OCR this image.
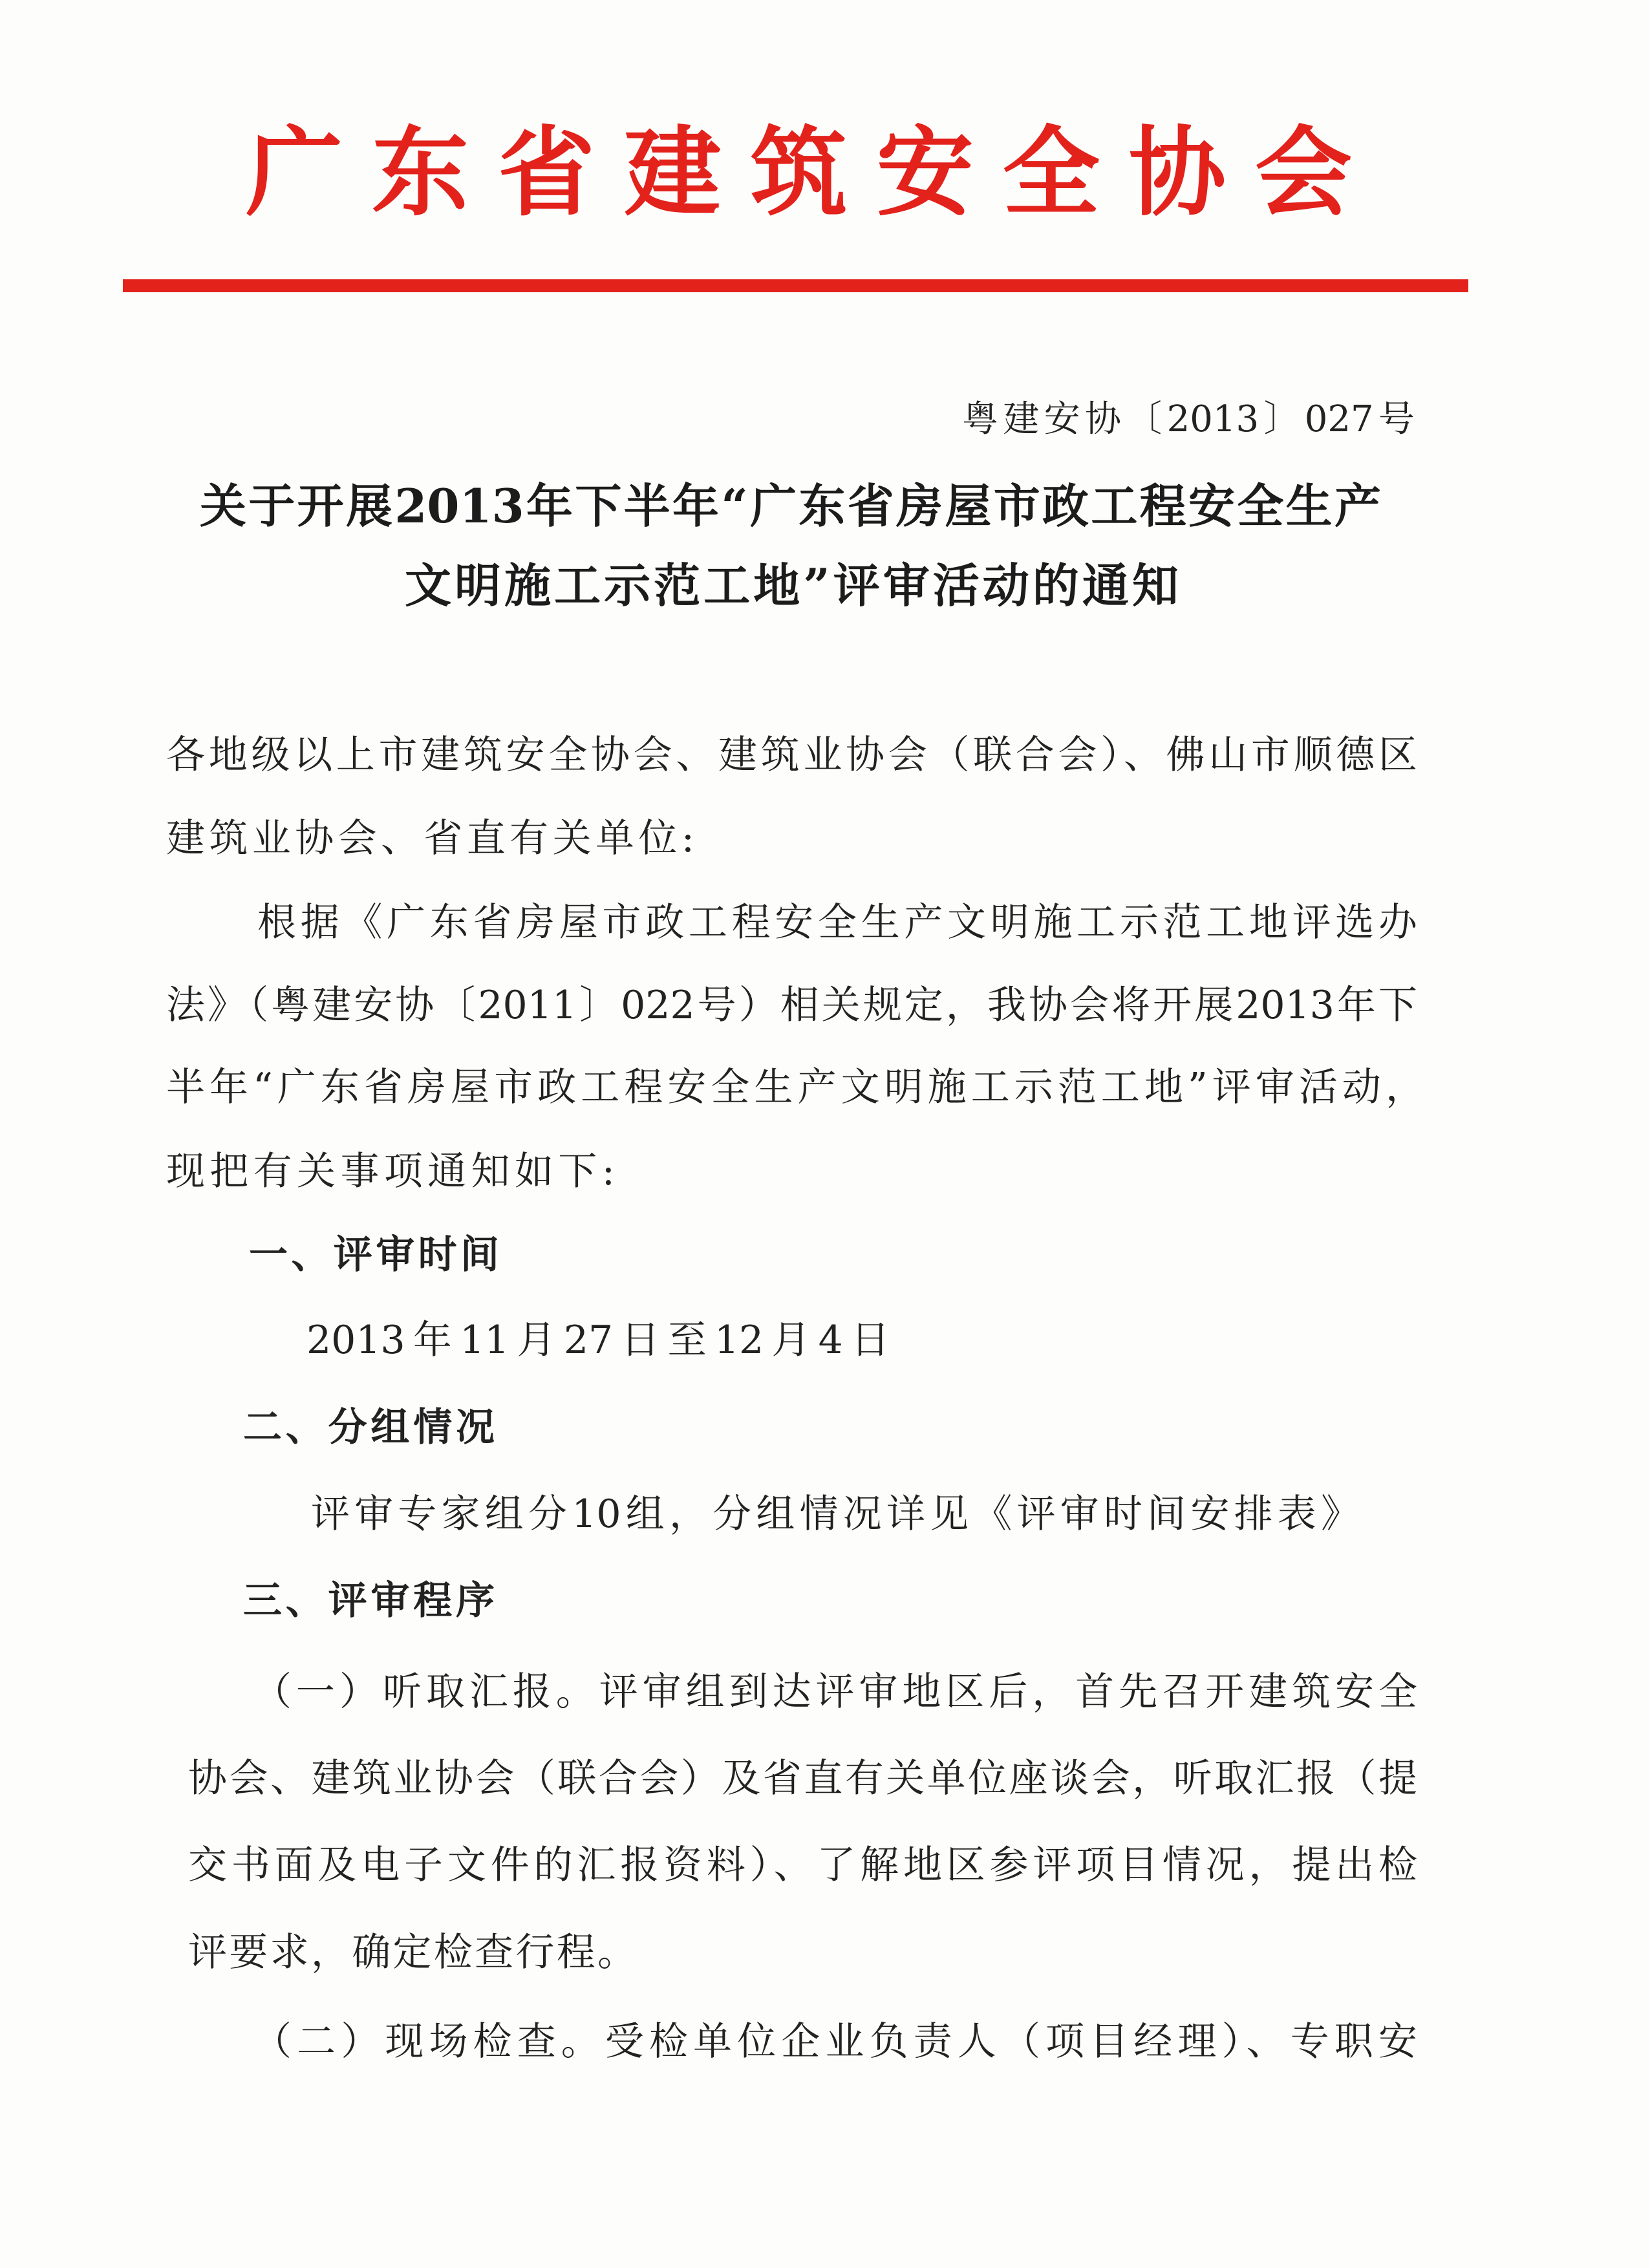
广东省建筑安全协会
粤建安协〔2013〕027号
关于开展2013年下半年“广东省房屋市政工程安全生产
文明施工示范工地”评审活动的通知
各地级以上市建筑安全协会、建筑业协会（联合会）、佛山市顺德区
建筑业协会、省直有关单位:
根据《广东省房屋市政工程安全生产文明施工示范工地评选办
法》（粤建安协〔2011〕022号）相关规定，我协会将开展2013年下
半年“广东省房屋市政工程安全生产文明施工示范工地”评审活动，
现把有关事项通知如下:
一、评审时间
2013年11月27日至12月4日
二、分组情况
评审专家组分10组，分组情况详见《评审时间安排表》
三、评审程序
（一）听取汇报。评审组到达评审地区后，首先召开建筑安全
协会、建筑业协会（联合会）及省直有关单位座谈会，听取汇报（提
交书面及电子文件的汇报资料）、了解地区参评项目情况，提出检
评要求，确定检查行程。
（二）现场检查。受检单位企业负责人（项目经理）、专职安
